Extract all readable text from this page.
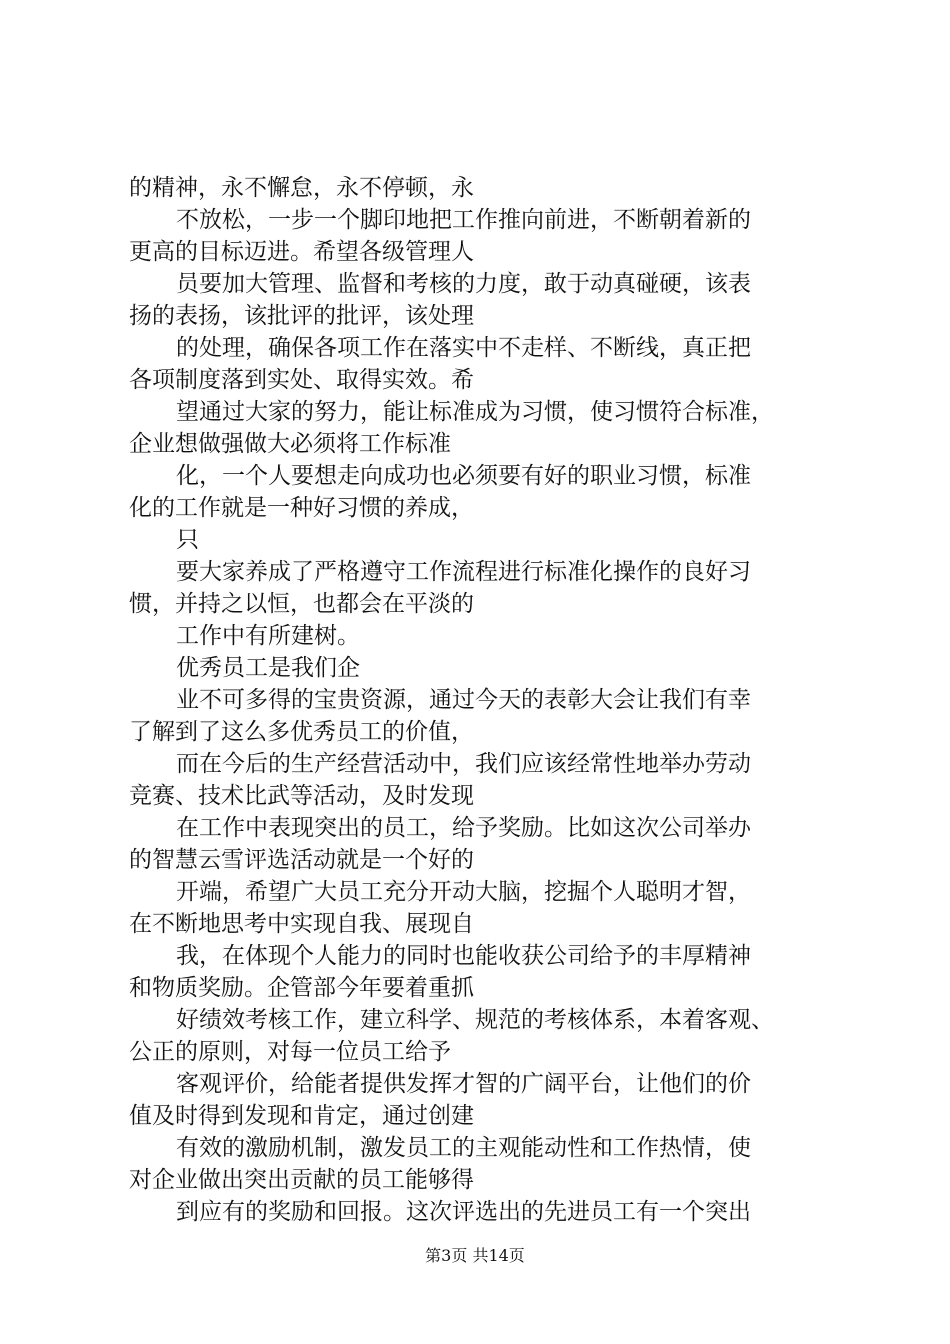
的精神，永不懈怠，永不停顿，永
不放松，一步一个脚印地把工作推向前进，不断朝着新的
更高的目标迈进。希望各级管理人
员要加大管理、监督和考核的力度，敢于动真碰硬，该表
扬的表扬，该批评的批评，该处理
的处理，确保各项工作在落实中不走样、不断线，真正把
各项制度落到实处、取得实效。希
望通过大家的努力，能让标准成为习惯，使习惯符合标准，
企业想做强做大必须将工作标准
化，一个人要想走向成功也必须要有好的职业习惯，标准
化的工作就是一种好习惯的养成，
只
要大家养成了严格遵守工作流程进行标准化操作的良好习
惯，并持之以恒，也都会在平淡的
工作中有所建树。
优秀员工是我们企
业不可多得的宝贵资源，通过今天的表彰大会让我们有幸
了解到了这么多优秀员工的价值，
而在今后的生产经营活动中，我们应该经常性地举办劳动
竞赛、技术比武等活动，及时发现
在工作中表现突出的员工，给予奖励。比如这次公司举办
的智慧云雪评选活动就是一个好的
开端，希望广大员工充分开动大脑，挖掘个人聪明才智，
在不断地思考中实现自我、展现自
我，在体现个人能力的同时也能收获公司给予的丰厚精神
和物质奖励。企管部今年要着重抓
好绩效考核工作，建立科学、规范的考核体系，本着客观、
公正的原则，对每一位员工给予
客观评价，给能者提供发挥才智的广阔平台，让他们的价
值及时得到发现和肯定，通过创建
有效的激励机制，激发员工的主观能动性和工作热情，使
对企业做出突出贡献的员工能够得
到应有的奖励和回报。这次评选出的先进员工有一个突出
第3页 共14页
